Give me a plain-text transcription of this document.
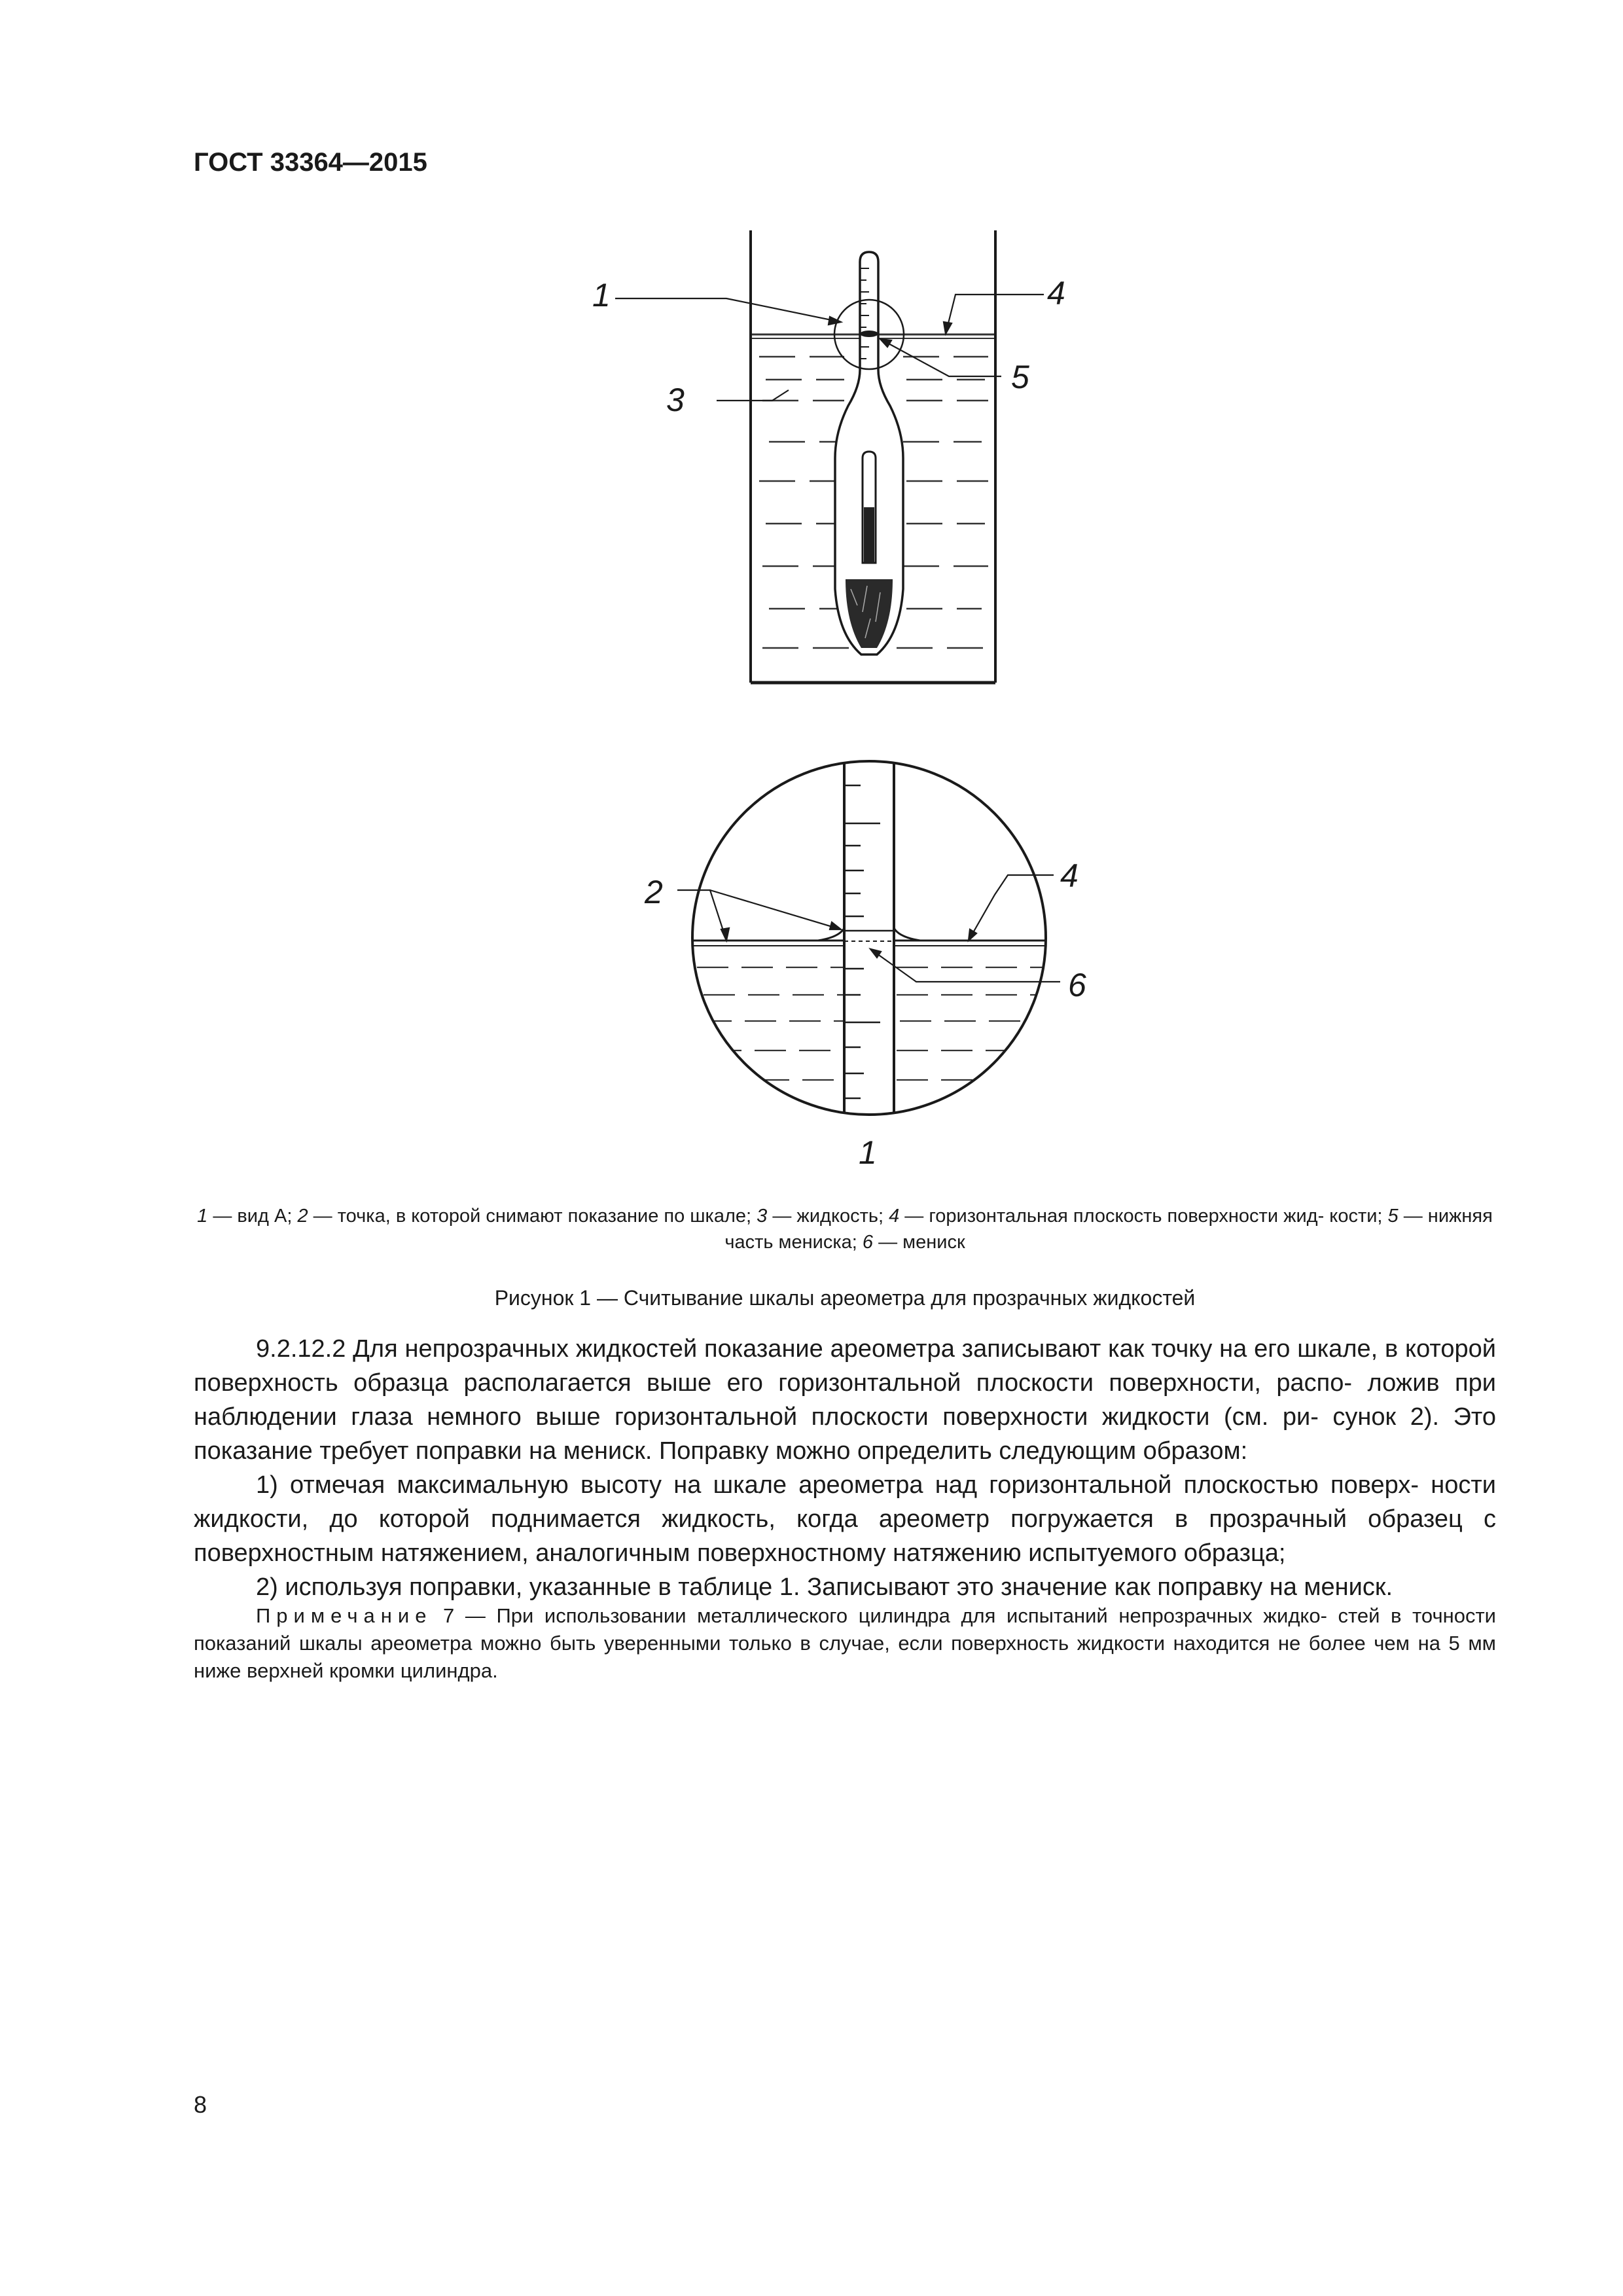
ГОСТ 33364—2015
1
3
4
5
2	4
6
1
1 — вид А; 2 — точка, в которой снимают показание по шкале; 3 — жидкость; 4 — горизонтальная плоскость поверхности жид- кости; 5 — нижняя часть мениска; 6 — мениск
Рисунок 1 — Считывание шкалы ареометра для прозрачных жидкостей

9.2.12.2 Для непрозрачных жидкостей показание ареометра записывают как точку на его шкале, в которой поверхность образца располагается выше его горизонтальной плоскости поверхности, распо- ложив при наблюдении глаза немного выше горизонтальной плоскости поверхности жидкости (см. ри- сунок 2). Это показание требует поправки на мениск. Поправку можно определить следующим образом:

1) отмечая максимальную высоту на шкале ареометра над горизонтальной плоскостью поверх- ности жидкости, до которой поднимается жидкость, когда ареометр погружается в прозрачный образец с поверхностным натяжением, аналогичным поверхностному натяжению испытуемого образца;

2) используя поправки, указанные в таблице 1. Записывают это значение как поправку на мениск.

Примечание 7 — При использовании металлического цилиндра для испытаний непрозрачных жидко- стей в точности показаний шкалы ареометра можно быть уверенными только в случае, если поверхность жидкости находится не более чем на 5 мм ниже верхней кромки цилиндра.

8
